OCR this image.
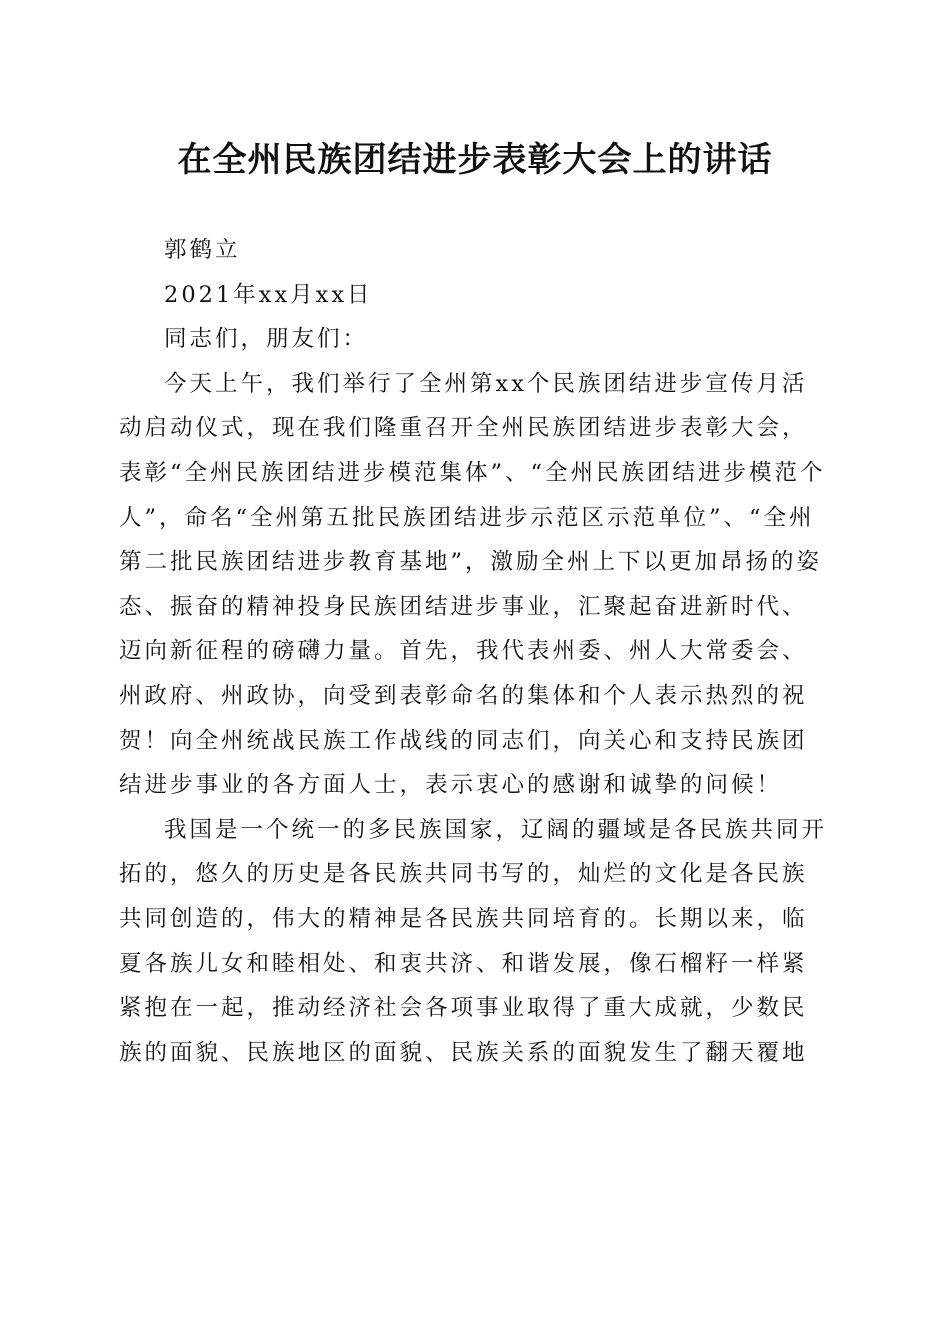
在全州民族团结进步表彰大会上的讲话

郭鹤立

2021年xx月xx日

同志们，朋友们：

今天上午，我们举行了全州第xx个民族团结进步宣传月活动启动仪式，现在我们隆重召开全州民族团结进步表彰大会，表彰“全州民族团结进步模范集体”、“全州民族团结进步模范个人”，命名“全州第五批民族团结进步示范区示范单位”、“全州第二批民族团结进步教育基地”，激励全州上下以更加昂扬的姿态、振奋的精神投身民族团结进步事业，汇聚起奋进新时代、迈向新征程的磅礴力量。首先，我代表州委、州人大常委会、州政府、州政协，向受到表彰命名的集体和个人表示热烈的祝贺！向全州统战民族工作战线的同志们，向关心和支持民族团结进步事业的各方面人士，表示衷心的感谢和诚挚的问候！

我国是一个统一的多民族国家，辽阔的疆域是各民族共同开拓的，悠久的历史是各民族共同书写的，灿烂的文化是各民族共同创造的，伟大的精神是各民族共同培育的。长期以来，临夏各族儿女和睦相处、和衷共济、和谐发展，像石榴籽一样紧紧抱在一起，推动经济社会各项事业取得了重大成就，少数民族的面貌、民族地区的面貌、民族关系的面貌发生了翻天覆地
